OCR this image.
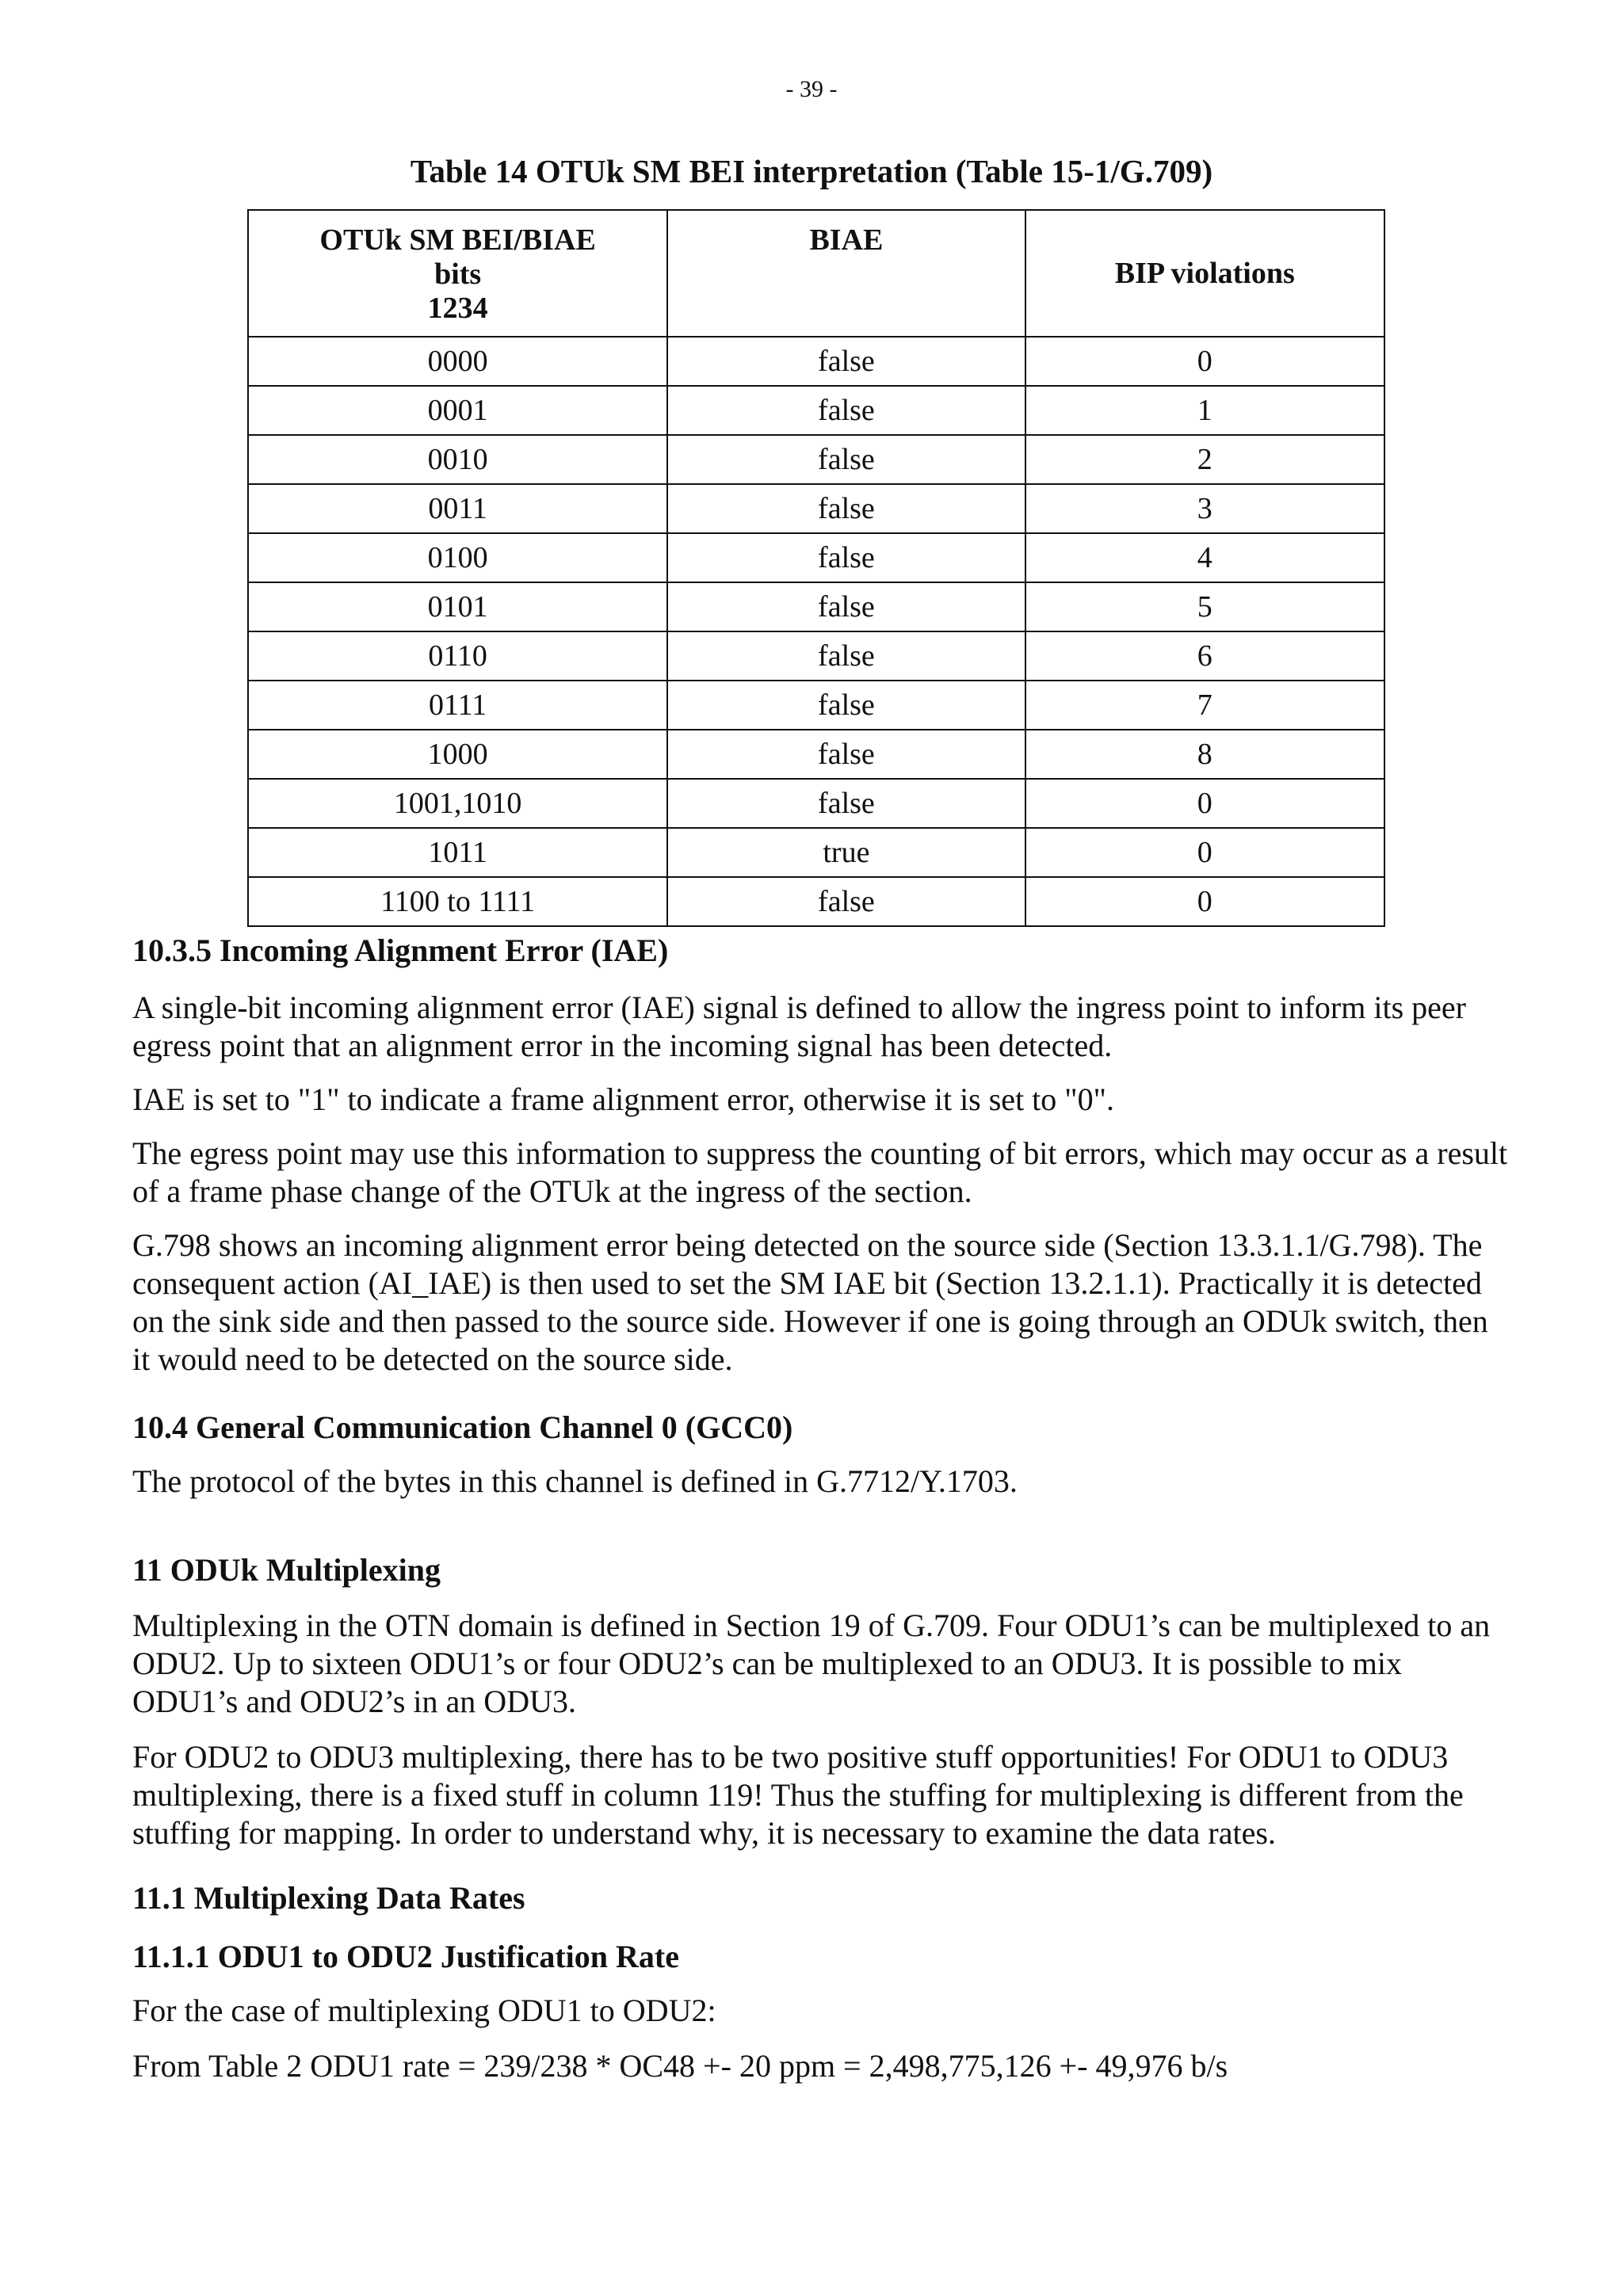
- 39 -
Table 14 OTUk SM BEI interpretation (Table 15-1/G.709)
OTUk SM BEI/BIAE
bits
1234	BIAE	BIP violations
0000	false	0
0001	false	1
0010	false	2
0011	false	3
0100	false	4
0101	false	5
0110	false	6
0111	false	7
1000	false	8
1001,1010	false	0
1011	true	0
1100 to 1111	false	0
10.3.5 Incoming Alignment Error (IAE)

A single-bit incoming alignment error (IAE) signal is defined to allow the ingress point to inform its peer egress point that an alignment error in the incoming signal has been detected.

IAE is set to "1" to indicate a frame alignment error, otherwise it is set to "0".

The egress point may use this information to suppress the counting of bit errors, which may occur as a result of a frame phase change of the OTUk at the ingress of the section.

G.798 shows an incoming alignment error being detected on the source side (Section 13.3.1.1/G.798). The consequent action (AI_IAE) is then used to set the SM IAE bit (Section 13.2.1.1). Practically it is detected on the sink side and then passed to the source side. However if one is going through an ODUk switch, then it would need to be detected on the source side.

10.4 General Communication Channel 0 (GCC0)

The protocol of the bytes in this channel is defined in G.7712/Y.1703.

11 ODUk Multiplexing

Multiplexing in the OTN domain is defined in Section 19 of G.709. Four ODU1’s can be multiplexed to an ODU2. Up to sixteen ODU1’s or four ODU2’s can be multiplexed to an ODU3. It is possible to mix ODU1’s and ODU2’s in an ODU3.

For ODU2 to ODU3 multiplexing, there has to be two positive stuff opportunities! For ODU1 to ODU3 multiplexing, there is a fixed stuff in column 119! Thus the stuffing for multiplexing is different from the stuffing for mapping. In order to understand why, it is necessary to examine the data rates.

11.1 Multiplexing Data Rates
11.1.1 ODU1 to ODU2 Justification Rate

For the case of multiplexing ODU1 to ODU2:

From Table 2 ODU1 rate = 239/238 * OC48 +- 20 ppm = 2,498,775,126 +- 49,976 b/s
